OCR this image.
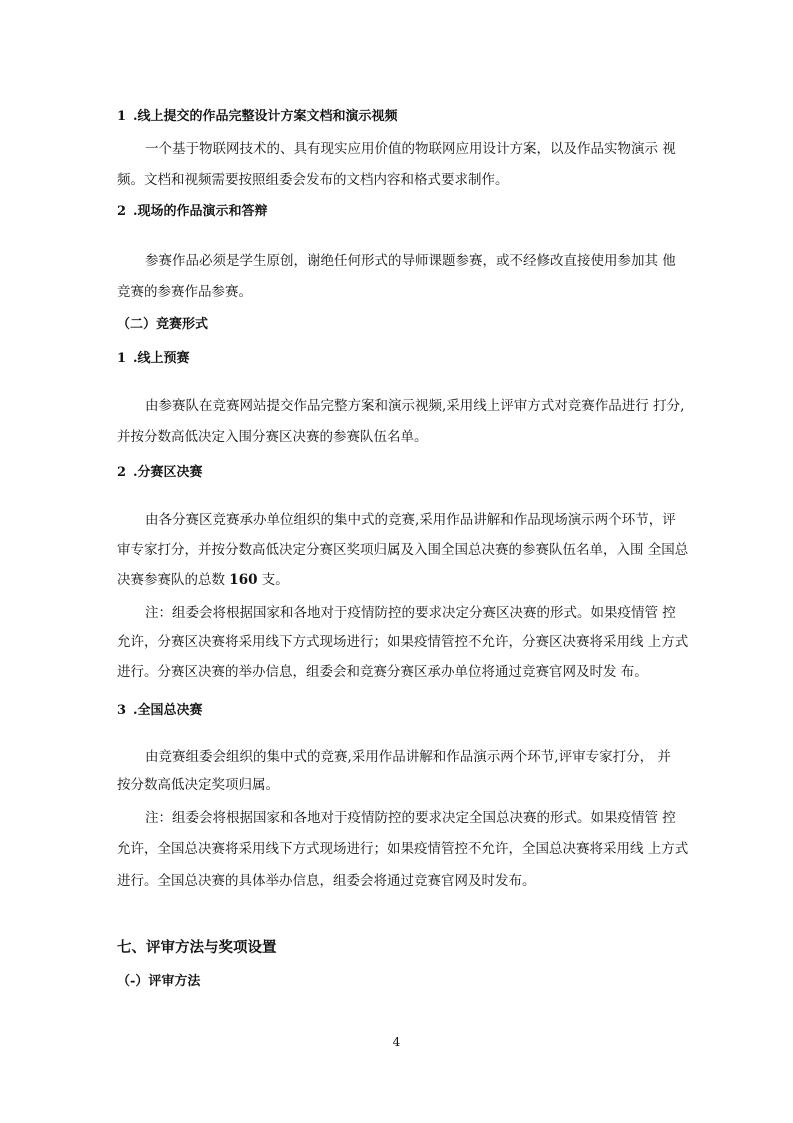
1 .线上提交的作品完整设计方案文档和演示视频
一个基于物联网技术的、具有现实应用价值的物联网应用设计方案，以及作品实物演示 视
频。文档和视频需要按照组委会发布的文档内容和格式要求制作。
2 .现场的作品演示和答辩
参赛作品必须是学生原创，谢绝任何形式的导师课题参赛，或不经修改直接使用参加其 他
竞赛的参赛作品参赛。
（二）竞赛形式
1 .线上预赛
由参赛队在竞赛网站提交作品完整方案和演示视频,采用线上评审方式对竞赛作品进行 打分,
并按分数高低决定入围分赛区决赛的参赛队伍名单。
2 .分赛区决赛
由各分赛区竞赛承办单位组织的集中式的竞赛,采用作品讲解和作品现场演示两个环节，评
审专家打分，并按分数高低决定分赛区奖项归属及入围全国总决赛的参赛队伍名单，入围 全国总
决赛参赛队的总数 160 支。
注：组委会将根据国家和各地对于疫情防控的要求决定分赛区决赛的形式。如果疫情管 控
允许，分赛区决赛将采用线下方式现场进行；如果疫情管控不允许，分赛区决赛将采用线 上方式
进行。分赛区决赛的举办信息，组委会和竞赛分赛区承办单位将通过竞赛官网及时发 布。
3 .全国总决赛
由竞赛组委会组织的集中式的竞赛,采用作品讲解和作品演示两个环节,评审专家打分， 并
按分数高低决定奖项归属。
注：组委会将根据国家和各地对于疫情防控的要求决定全国总决赛的形式。如果疫情管 控
允许，全国总决赛将采用线下方式现场进行；如果疫情管控不允许，全国总决赛将采用线 上方式
进行。全国总决赛的具体举办信息，组委会将通过竞赛官网及时发布。
七、评审方法与奖项设置
（-）评审方法
4
